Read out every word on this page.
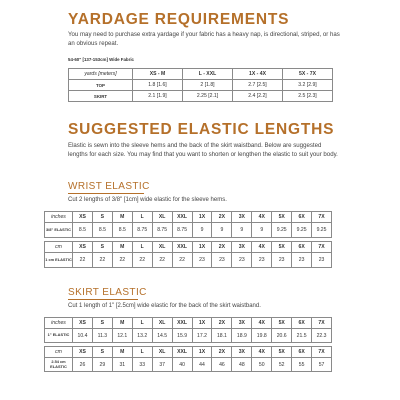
YARDAGE REQUIREMENTS
You may need to purchase extra yardage if your fabric has a heavy nap, is directional, striped, or has an obvious repeat.
54-60" [137-153cm] Wide Fabric
yards [meters]	XS - M	L - XXL	1X - 4X	5X - 7X
TOP	1.8 [1.6]	2 [1.8]	2.7 [2.5]	3.2 [2.9]
SKIRT	2.1 [1.9]	2.25 [2.1]	2.4 [2.2]	2.5 [2.3]
SUGGESTED ELASTIC LENGTHS
Elastic is sewn into the sleeve hems and the back of the skirt waistband. Below are suggested lengths for each size. You may find that you want to shorten or lengthen the elastic to suit your body.
WRIST ELASTIC
Cut 2 lengths of 3/8" [1cm] wide elastic for the sleeve hems.
inches	XS	S	M	L	XL	XXL	1X	2X	3X	4X	5X	6X	7X
3/8" ELASTIC	8.5	8.5	8.5	8.75	8.75	8.75	9	9	9	9	9.25	9.25	9.25

cm	XS	S	M	L	XL	XXL	1X	2X	3X	4X	5X	6X	7X
1 cm ELASTIC	22	22	22	22	22	22	23	23	23	23	23	23	23
SKIRT ELASTIC
Cut 1 length of 1" [2.5cm] wide elastic for the back of the skirt waistband.
inches	XS	S	M	L	XL	XXL	1X	2X	3X	4X	5X	6X	7X
1" ELASTIC	10.4	11.3	12.1	13.2	14.5	15.9	17.2	18.1	18.9	19.8	20.6	21.5	22.3

cm	XS	S	M	L	XL	XXL	1X	2X	3X	4X	5X	6X	7X
2.54 cm ELASTIC	26	29	31	33	37	40	44	46	48	50	52	55	57
